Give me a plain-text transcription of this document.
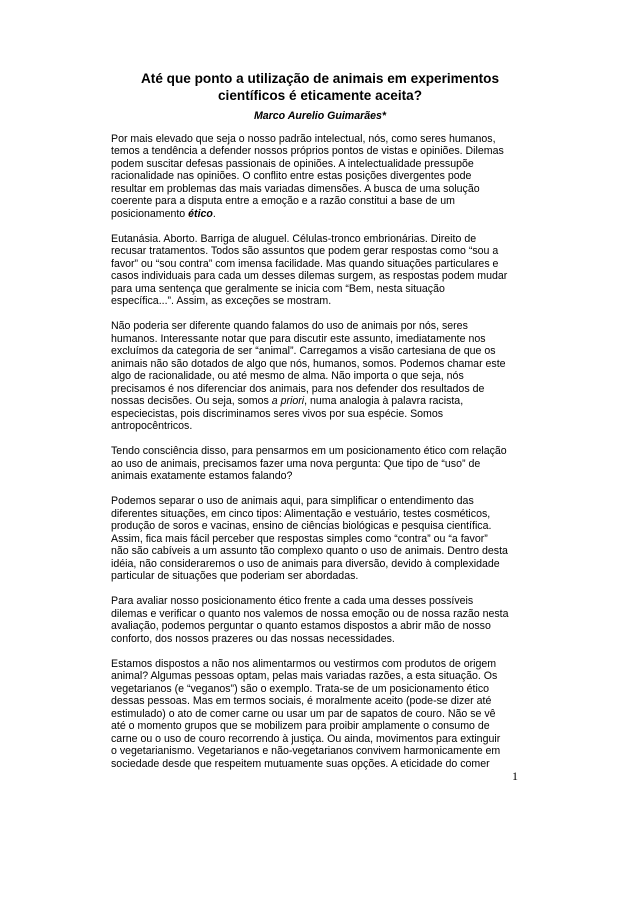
Até que ponto a utilização de animais em experimentos
científicos é eticamente aceita?
Marco Aurelio Guimarães*

Por mais elevado que seja o nosso padrão intelectual, nós, como seres humanos,
temos a tendência a defender nossos próprios pontos de vistas e opiniões. Dilemas
podem suscitar defesas passionais de opiniões. A intelectualidade pressupõe
racionalidade nas opiniões. O conflito entre estas posições divergentes pode
resultar em problemas das mais variadas dimensões. A busca de uma solução
coerente para a disputa entre a emoção e a razão constitui a base de um
posicionamento ético.

Eutanásia. Aborto. Barriga de aluguel. Células-tronco embrionárias. Direito de
recusar tratamentos. Todos são assuntos que podem gerar respostas como “sou a
favor” ou “sou contra” com imensa facilidade. Mas quando situações particulares e
casos individuais para cada um desses dilemas surgem, as respostas podem mudar
para uma sentença que geralmente se inicia com “Bem, nesta situação
específica...”. Assim, as exceções se mostram.

Não poderia ser diferente quando falamos do uso de animais por nós, seres
humanos. Interessante notar que para discutir este assunto, imediatamente nos
excluímos da categoria de ser “animal”. Carregamos a visão cartesiana de que os
animais não são dotados de algo que nós, humanos, somos. Podemos chamar este
algo de racionalidade, ou até mesmo de alma. Não importa o que seja, nós
precisamos é nos diferenciar dos animais, para nos defender dos resultados de
nossas decisões. Ou seja, somos a priori, numa analogia à palavra racista,
especiecistas, pois discriminamos seres vivos por sua espécie. Somos
antropocêntricos.

Tendo consciência disso, para pensarmos em um posicionamento ético com relação
ao uso de animais, precisamos fazer uma nova pergunta: Que tipo de “uso” de
animais exatamente estamos falando?

Podemos separar o uso de animais aqui, para simplificar o entendimento das
diferentes situações, em cinco tipos: Alimentação e vestuário, testes cosméticos,
produção de soros e vacinas, ensino de ciências biológicas e pesquisa científica.
Assim, fica mais fácil perceber que respostas simples como “contra” ou “a favor”
não são cabíveis a um assunto tão complexo quanto o uso de animais. Dentro desta
idéia, não consideraremos o uso de animais para diversão, devido à complexidade
particular de situações que poderiam ser abordadas.

Para avaliar nosso posicionamento ético frente a cada uma desses possíveis
dilemas e verificar o quanto nos valemos de nossa emoção ou de nossa razão nesta
avaliação, podemos perguntar o quanto estamos dispostos a abrir mão de nosso
conforto, dos nossos prazeres ou das nossas necessidades.

Estamos dispostos a não nos alimentarmos ou vestirmos com produtos de origem
animal? Algumas pessoas optam, pelas mais variadas razões, a esta situação. Os
vegetarianos (e “veganos”) são o exemplo. Trata-se de um posicionamento ético
dessas pessoas. Mas em termos sociais, é moralmente aceito (pode-se dizer até
estimulado) o ato de comer carne ou usar um par de sapatos de couro. Não se vê
até o momento grupos que se mobilizem para proibir amplamente o consumo de
carne ou o uso de couro recorrendo à justiça. Ou ainda, movimentos para extinguir
o vegetarianismo. Vegetarianos e não-vegetarianos convivem harmonicamente em
sociedade desde que respeitem mutuamente suas opções. A eticidade do comer

1
